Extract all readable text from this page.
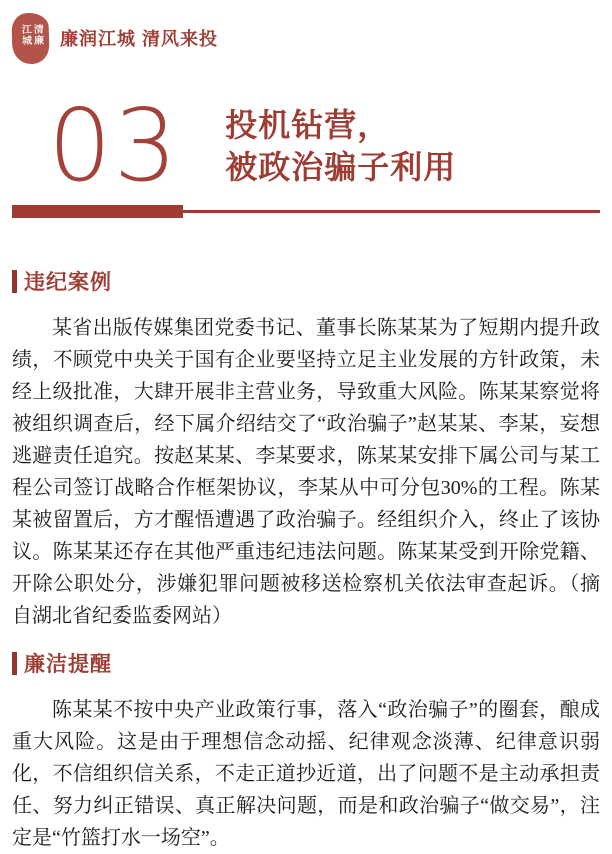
清廉江城	廉润江城 清风来投
03 投机钻营，
被政治骗子利用
违纪案例

某省出版传媒集团党委书记、董事长陈某某为了短期内提升政绩，不顾党中央关于国有企业要坚持立足主业发展的方针政策，未经上级批准，大肆开展非主营业务，导致重大风险。陈某某察觉将被组织调查后，经下属介绍结交了“政治骗子”赵某某、李某，妄想逃避责任追究。按赵某某、李某要求，陈某某安排下属公司与某工程公司签订战略合作框架协议，李某从中可分包30%的工程。陈某某被留置后，方才醒悟遭遇了政治骗子。经组织介入，终止了该协议。陈某某还存在其他严重违纪违法问题。陈某某受到开除党籍、开除公职处分，涉嫌犯罪问题被移送检察机关依法审查起诉。（摘自湖北省纪委监委网站）

廉洁提醒

陈某某不按中央产业政策行事，落入“政治骗子”的圈套，酿成重大风险。这是由于理想信念动摇、纪律观念淡薄、纪律意识弱化，不信组织信关系，不走正道抄近道，出了问题不是主动承担责任、努力纠正错误、真正解决问题，而是和政治骗子“做交易”，注定是“竹篮打水一场空”。
